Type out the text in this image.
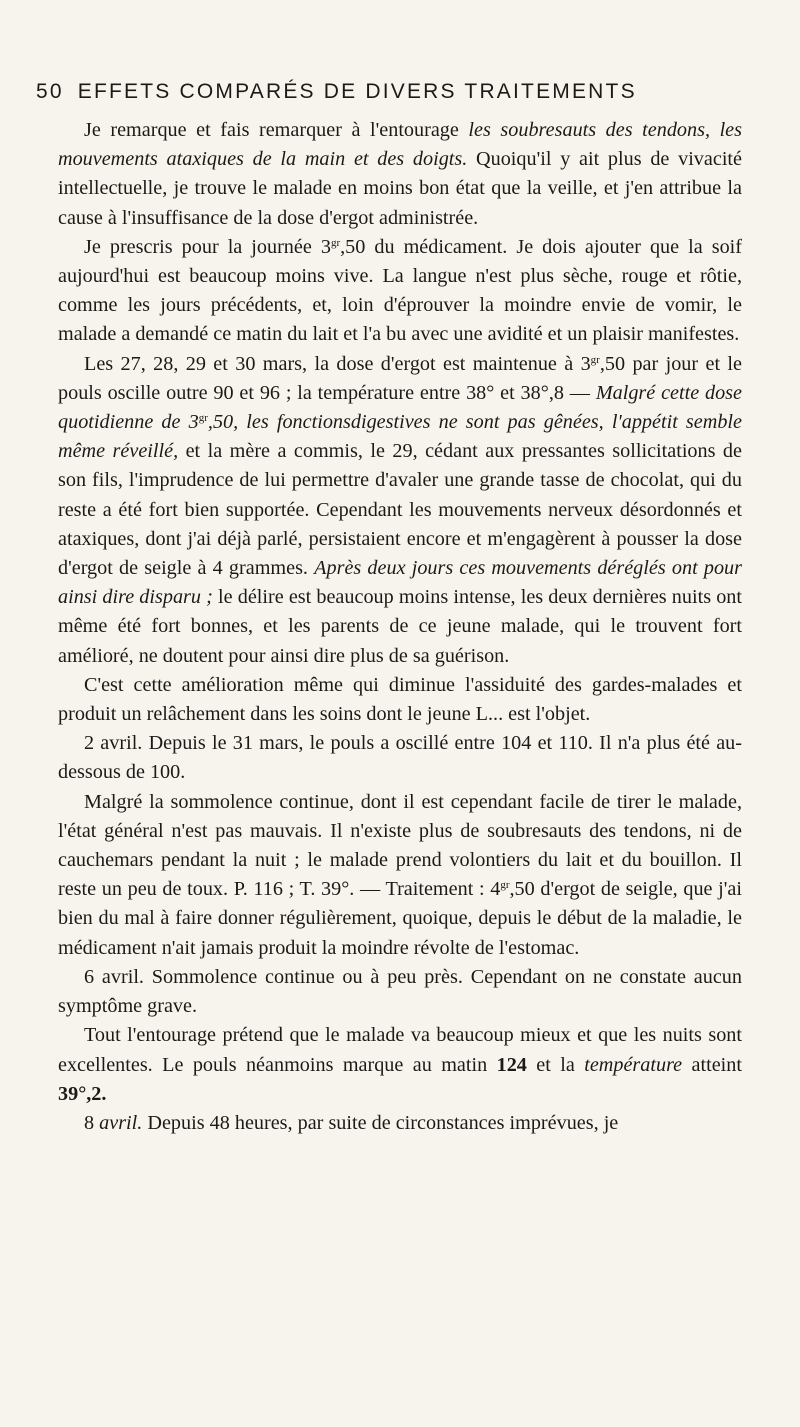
50 EFFETS COMPARÉS DE DIVERS TRAITEMENTS

Je remarque et fais remarquer à l'entourage les soubresauts des tendons, les mouvements ataxiques de la main et des doigts. Quoiqu'il y ait plus de vivacité intellectuelle, je trouve le malade en moins bon état que la veille, et j'en attribue la cause à l'insuffisance de la dose d'ergot administrée.

Je prescris pour la journée $3^{gr},50$ du médicament. Je dois ajouter que la soif aujourd'hui est beaucoup moins vive. La langue n'est plus sèche, rouge et rôtie, comme les jours précédents, et, loin d'éprouver la moindre envie de vomir, le malade a demandé ce matin du lait et l'a bu avec une avidité et un plaisir manifestes.

Les 27, 28, 29 et 30 mars, la dose d'ergot est maintenue à $3^{gr},50$ par jour et le pouls oscille outre 90 et 96 ; la température entre 38° et 38°,8 — Malgré cette dose quotidienne de $3^{gr},50$, les fonctionsdigestives ne sont pas gênées, l'appétit semble même réveillé, et la mère a commis, le 29, cédant aux pressantes sollicitations de son fils, l'imprudence de lui permettre d'avaler une grande tasse de chocolat, qui du reste a été fort bien supportée. Cependant les mouvements nerveux désordonnés et ataxiques, dont j'ai déjà parlé, persistaient encore et m'engagèrent à pousser la dose d'ergot de seigle à 4 grammes. Après deux jours ces mouvements déréglés ont pour ainsi dire disparu ; le délire est beaucoup moins intense, les deux dernières nuits ont même été fort bonnes, et les parents de ce jeune malade, qui le trouvent fort amélioré, ne doutent pour ainsi dire plus de sa guérison.

C'est cette amélioration même qui diminue l'assiduité des gardes-malades et produit un relâchement dans les soins dont le jeune L... est l'objet.

2 avril. Depuis le 31 mars, le pouls a oscillé entre 104 et 110. Il n'a plus été au-dessous de 100.

Malgré la sommolence continue, dont il est cependant facile de tirer le malade, l'état général n'est pas mauvais. Il n'existe plus de soubresauts des tendons, ni de cauchemars pendant la nuit ; le malade prend volontiers du lait et du bouillon. Il reste un peu de toux. P. 116 ; T. 39°. — Traitement : $4^{gr},50$ d'ergot de seigle, que j'ai bien du mal à faire donner régulièrement, quoique, depuis le début de la maladie, le médicament n'ait jamais produit la moindre révolte de l'estomac.

6 avril. Sommolence continue ou à peu près. Cependant on ne constate aucun symptôme grave.

Tout l'entourage prétend que le malade va beaucoup mieux et que les nuits sont excellentes. Le pouls néanmoins marque au matin 124 et la température atteint 39°,2.

8 avril. Depuis 48 heures, par suite de circonstances imprévues, je
